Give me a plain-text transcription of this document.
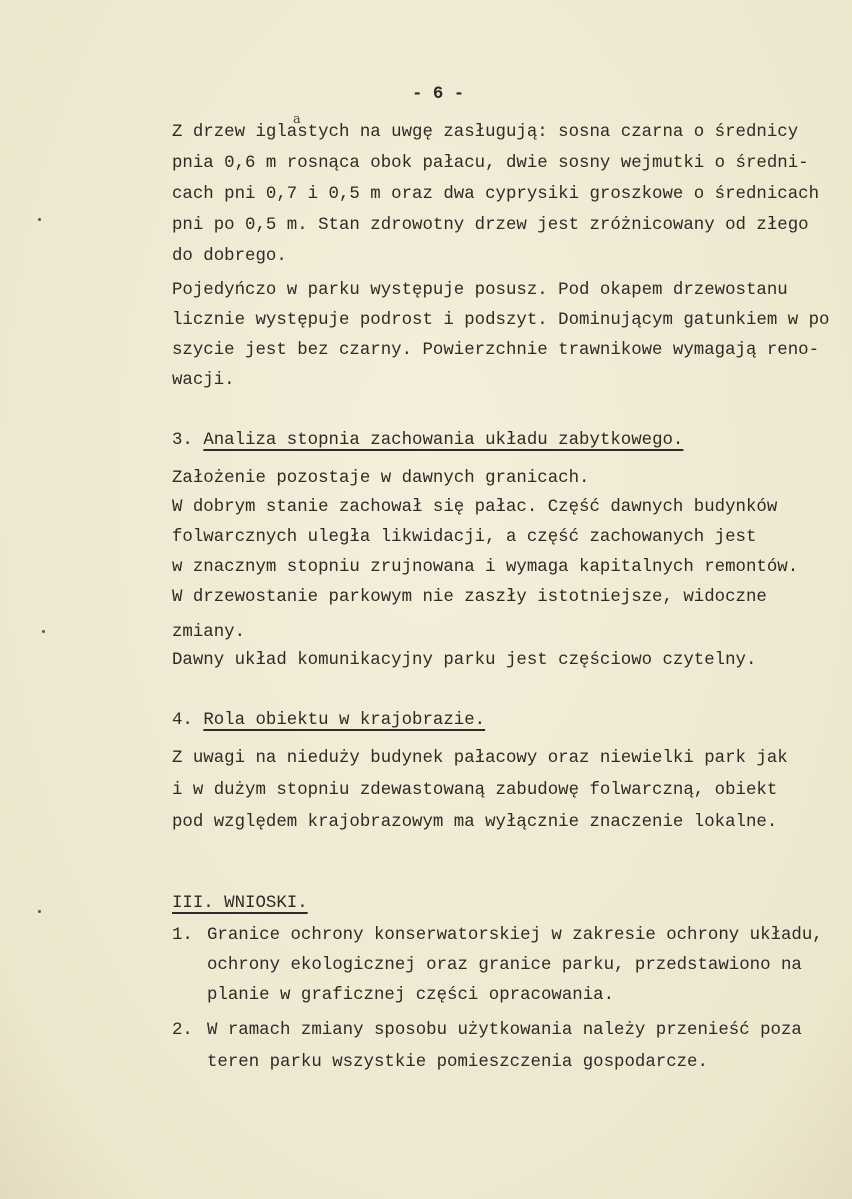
- 6 -
a
Z drzew iglastych na uwgę zasługują: sosna czarna o średnicy
pnia 0,6 m rosnąca obok pałacu, dwie sosny wejmutki o średni-
cach pni 0,7 i 0,5 m oraz dwa cyprysiki groszkowe o średnicach
pni po 0,5 m. Stan zdrowotny drzew jest zróżnicowany od złego
do dobrego.
Pojedyńczo w parku występuje posusz. Pod okapem drzewostanu
licznie występuje podrost i podszyt. Dominującym gatunkiem w po
szycie jest bez czarny. Powierzchnie trawnikowe wymagają reno-
wacji.
3. Analiza stopnia zachowania układu zabytkowego.
Założenie pozostaje w dawnych granicach.
W dobrym stanie zachował się pałac. Część dawnych budynków
folwarcznych uległa likwidacji, a część zachowanych jest
w znacznym stopniu zrujnowana i wymaga kapitalnych remontów.
W drzewostanie parkowym nie zaszły istotniejsze, widoczne
zmiany.
Dawny układ komunikacyjny parku jest częściowo czytelny.
4. Rola obiektu w krajobrazie.
Z uwagi na nieduży budynek pałacowy oraz niewielki park jak
i w dużym stopniu zdewastowaną zabudowę folwarczną, obiekt
pod względem krajobrazowym ma wyłącznie znaczenie lokalne.
III. WNIOSKI.
1. Granice ochrony konserwatorskiej w zakresie ochrony układu,
ochrony ekologicznej oraz granice parku, przedstawiono na
planie w graficznej części opracowania.
2. W ramach zmiany sposobu użytkowania należy przenieść poza
teren parku wszystkie pomieszczenia gospodarcze.
